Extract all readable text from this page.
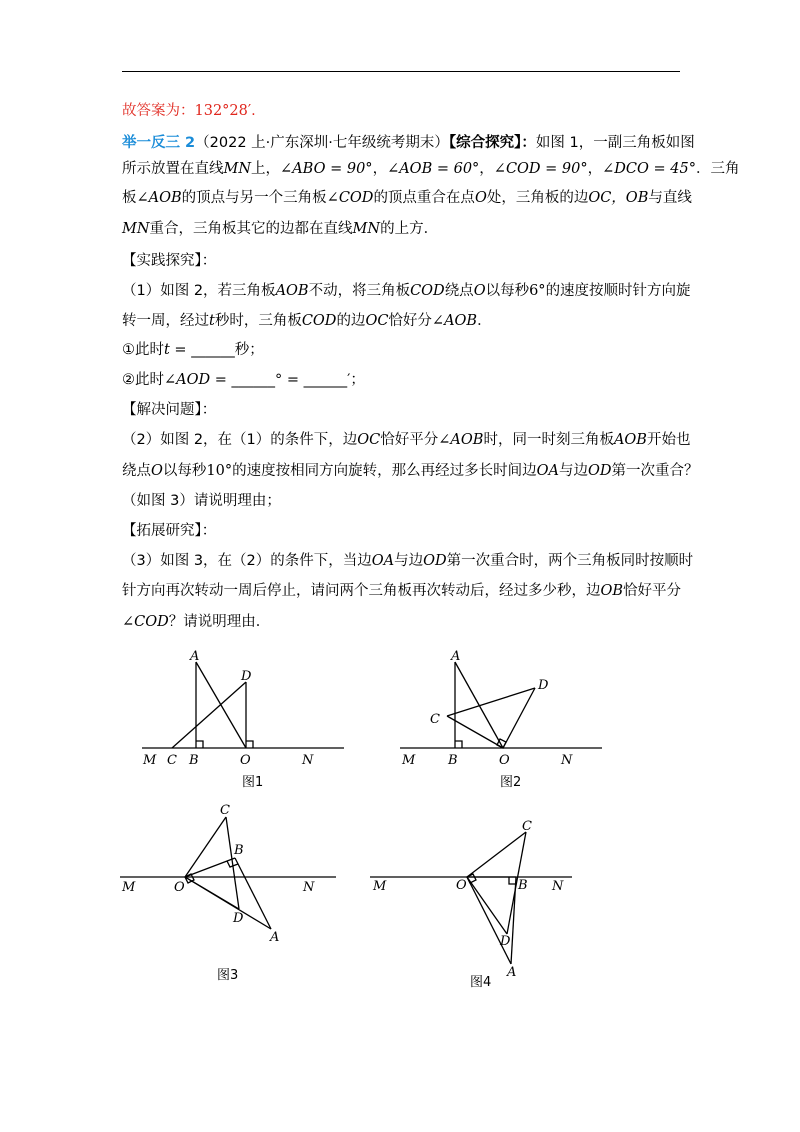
故答案为：132°28′.
举一反三 2（2022 上·广东深圳·七年级统考期末）【综合探究】：如图 1，一副三角板如图
所示放置在直线MN上，∠ABO = 90°，∠AOB = 60°，∠COD = 90°，∠DCO = 45°．三角
板∠AOB的顶点与另一个三角板∠COD的顶点重合在点O处，三角板的边OC，OB与直线
MN重合，三角板其它的边都在直线MN的上方．
【实践探究】：
（1）如图 2，若三角板AOB不动，将三角板COD绕点O以每秒6°的速度按顺时针方向旋
转一周，经过t秒时，三角板COD的边OC恰好分∠AOB．
①此时t = ______秒；
②此时∠AOD = ______° = ______′；
【解决问题】：
（2）如图 2，在（1）的条件下，边OC恰好平分∠AOB时，同一时刻三角板AOB开始也
绕点O以每秒10°的速度按相同方向旋转，那么再经过多长时间边OA与边OD第一次重合？
（如图 3）请说明理由；
【拓展研究】：
（3）如图 3，在（2）的条件下，当边OA与边OD第一次重合时，两个三角板同时按顺时
针方向再次转动一周后停止，请问两个三角板再次转动后，经过多少秒，边OB恰好平分
∠COD？请说明理由．
A
D
M C B	O	N
图1
A
D
C
M	B	O	N
图2
C
B
M	O	N
D
A
图3
C
M	O	B N
D
A
图4
